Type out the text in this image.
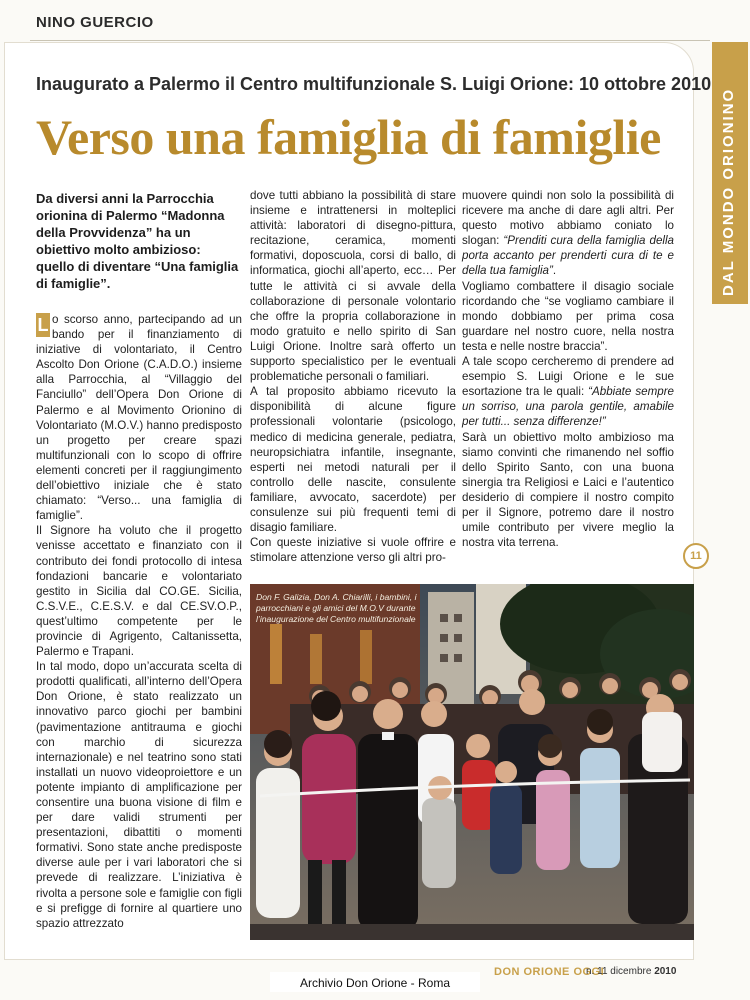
NINO GUERCIO
DAL MONDO ORIONINO
Inaugurato a Palermo il Centro multifunzionale S. Luigi Orione: 10 ottobre 2010
Verso una famiglia di famiglie
Da diversi anni la Parrocchia orionina di Palermo “Madonna della Provvidenza” ha un obiettivo molto ambizioso: quello di diventare “Una famiglia di famiglie”.

L o scorso anno, partecipando ad un bando per il finanziamento di iniziative di volontariato, il Centro Ascolto Don Orione (C.A.D.O.) insieme alla Parrocchia, al “Villaggio del Fanciullo” dell’Opera Don Orione di Palermo e al Movimento Orionino di Volontariato (M.O.V.) hanno predisposto un progetto per creare spazi multifunzionali con lo scopo di offrire elementi concreti per il raggiungimento dell’obiettivo iniziale che è stato chiamato: “Verso... una famiglia di famiglie”.

Il Signore ha voluto che il progetto venisse accettato e finanziato con il contributo dei fondi protocollo di intesa fondazioni bancarie e volontariato gestito in Sicilia dal CO.GE. Sicilia, C.S.V.E., C.E.S.V. e dal CE.SV.O.P., quest’ultimo competente per le provincie di Agrigento, Caltanissetta, Palermo e Trapani.

In tal modo, dopo un’accurata scelta di prodotti qualificati, all’interno dell’Opera Don Orione, è stato realizzato un innovativo parco giochi per bambini (pavimentazione antitrauma e giochi con marchio di sicurezza internazionale) e nel teatrino sono stati installati un nuovo videoproiettore e un potente impianto di amplificazione per consentire una buona visione di film e per dare validi strumenti per presentazioni, dibattiti o momenti formativi. Sono state anche predisposte diverse aule per i vari laboratori che si prevede di realizzare. L’iniziativa è rivolta a persone sole e famiglie con figli e si prefigge di fornire al quartiere uno spazio attrezzato

dove tutti abbiano la possibilità di stare insieme e intrattenersi in molteplici attività: laboratori di disegno-pittura, recitazione, ceramica, momenti formativi, doposcuola, corsi di ballo, di informatica, giochi all’aperto, ecc… Per tutte le attività ci si avvale della collaborazione di personale volontario che offre la propria collaborazione in modo gratuito e nello spirito di San Luigi Orione. Inoltre sarà offerto un supporto specialistico per le eventuali problematiche personali o familiari.

A tal proposito abbiamo ricevuto la disponibilità di alcune figure professionali volontarie (psicologo, medico di medicina generale, pediatra, neuropsichiatra infantile, insegnante, esperti nei metodi naturali per il controllo delle nascite, consulente familiare, avvocato, sacerdote) per consulenze sui più frequenti temi di disagio familiare.

Con queste iniziative si vuole offrire e stimolare attenzione verso gli altri pro-

muovere quindi non solo la possibilità di ricevere ma anche di dare agli altri. Per questo motivo abbiamo coniato lo slogan: “Prenditi cura della famiglia della porta accanto per prenderti cura di te e della tua famiglia”.

Vogliamo combattere il disagio sociale ricordando che “se vogliamo cambiare il mondo dobbiamo per prima cosa guardare nel nostro cuore, nella nostra testa e nelle nostre braccia”.

A tale scopo cercheremo di prendere ad esempio S. Luigi Orione e le sue esortazione tra le quali: “Abbiate sempre un sorriso, una parola gentile, amabile per tutti... senza differenze!”

Sarà un obiettivo molto ambizioso ma siamo convinti che rimanendo nel soffio dello Spirito Santo, con una buona sinergia tra Religiosi e Laici e l’autentico desiderio di compiere il nostro compito per il Signore, potremo dare il nostro umile contributo per vivere meglio la nostra vita terrena.

11
Don F. Galizia, Don A. Chiarilli, i bambini, i parrocchiani e gli amici del M.O.V durante l’inaugurazione del Centro multifunzionale
DON ORIONE OGGI
n. 11 dicembre 2010
Archivio Don Orione - Roma
